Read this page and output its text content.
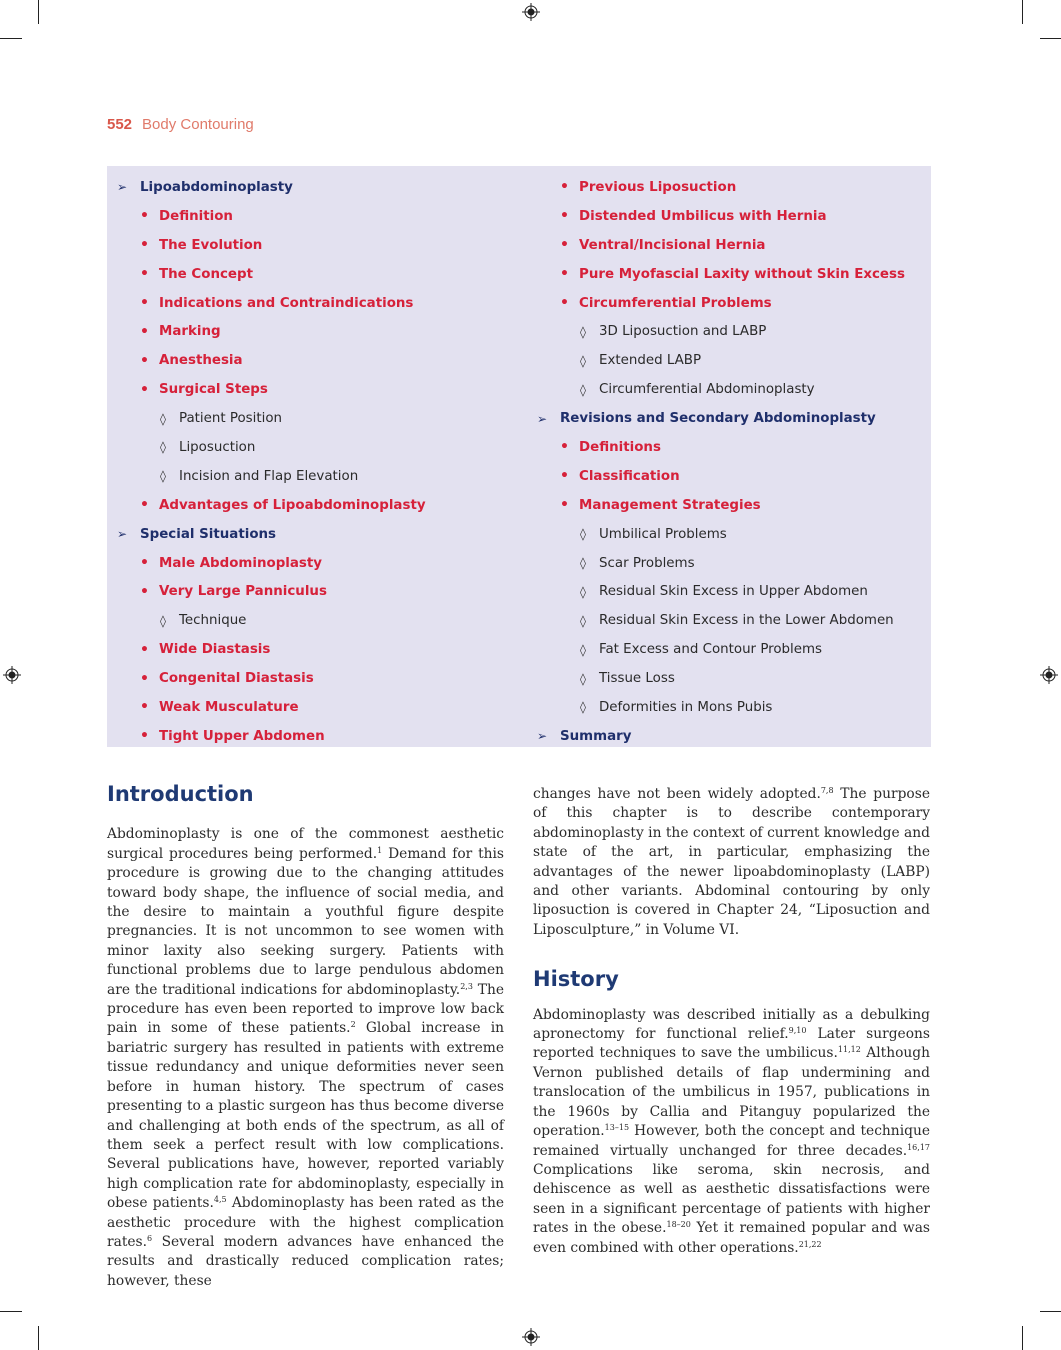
552 Body Contouring
➢ Lipoabdominoplasty
• Definition
• The Evolution
• The Concept
• Indications and Contraindications
• Marking
• Anesthesia
• Surgical Steps
◊ Patient Position
◊ Liposuction
◊ Incision and Flap Elevation
• Advantages of Lipoabdominoplasty
➢ Special Situations
• Male Abdominoplasty
• Very Large Panniculus
◊ Technique
• Wide Diastasis
• Congenital Diastasis
• Weak Musculature
• Tight Upper Abdomen
• Previous Liposuction
• Distended Umbilicus with Hernia
• Ventral/Incisional Hernia
• Pure Myofascial Laxity without Skin Excess
• Circumferential Problems
◊ 3D Liposuction and LABP
◊ Extended LABP
◊ Circumferential Abdominoplasty
➢ Revisions and Secondary Abdominoplasty
• Definitions
• Classification
• Management Strategies
◊ Umbilical Problems
◊ Scar Problems
◊ Residual Skin Excess in Upper Abdomen
◊ Residual Skin Excess in the Lower Abdomen
◊ Fat Excess and Contour Problems
◊ Tissue Loss
◊ Deformities in Mons Pubis
➢ Summary
Introduction

Abdominoplasty is one of the commonest aesthetic surgical procedures being performed.$^1$ Demand for this procedure is growing due to the changing attitudes toward body shape, the influence of social media, and the desire to maintain a youthful figure despite pregnancies. It is not uncommon to see women with minor laxity also seeking surgery. Patients with functional problems due to large pendulous abdomen are the traditional indications for abdominoplasty.$^{2,3}$ The procedure has even been reported to improve low back pain in some of these patients.$^2$ Global increase in bariatric surgery has resulted in patients with extreme tissue redundancy and unique deformities never seen before in human history. The spectrum of cases presenting to a plastic surgeon has thus become diverse and challenging at both ends of the spectrum, as all of them seek a perfect result with low complications. Several publications have, however, reported variably high complication rate for abdominoplasty, especially in obese patients.$^{4,5}$ Abdominoplasty has been rated as the aesthetic procedure with the highest complication rates.$^6$ Several modern advances have enhanced the results and drastically reduced complication rates; however, these

changes have not been widely adopted.$^{7,8}$ The purpose of this chapter is to describe contemporary abdominoplasty in the context of current knowledge and state of the art, in particular, emphasizing the advantages of the newer lipoabdominoplasty (LABP) and other variants. Abdominal contouring by only liposuction is covered in Chapter 24, “Liposuction and Liposculpture,” in Volume VI.

History

Abdominoplasty was described initially as a debulking apronectomy for functional relief.$^{9,10}$ Later surgeons reported techniques to save the umbilicus.$^{11,12}$ Although Vernon published details of flap undermining and translocation of the umbilicus in 1957, publications in the 1960s by Callia and Pitanguy popularized the operation.$^{13-15}$ However, both the concept and technique remained virtually unchanged for three decades.$^{16,17}$ Complications like seroma, skin necrosis, and dehiscence as well as aesthetic dissatisfactions were seen in a significant percentage of patients with higher rates in the obese.$^{18-20}$ Yet it remained popular and was even combined with other operations.$^{21,22}$
